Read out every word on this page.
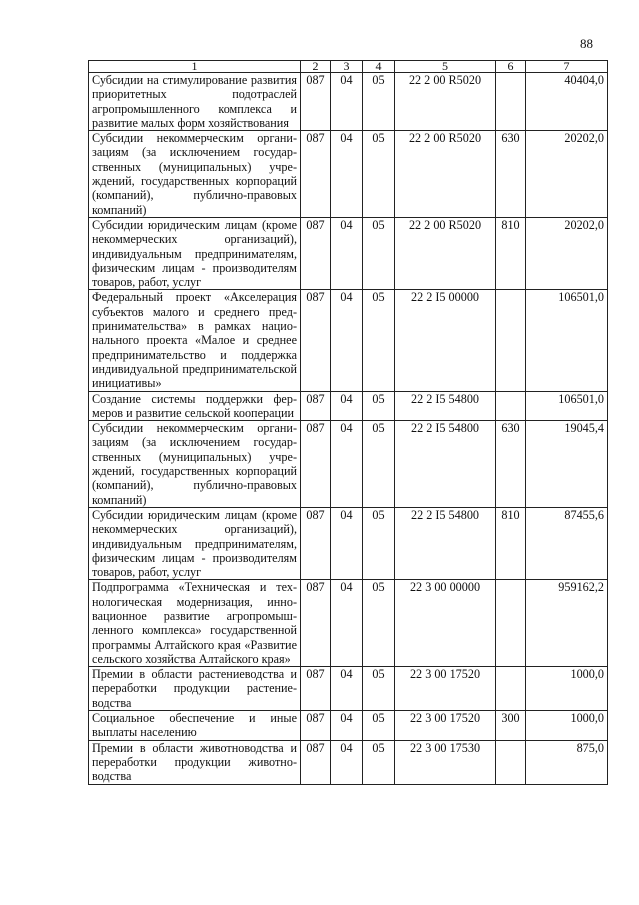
88
1	2	3	4	5	6	7
Субсидии на стимулирование развития приоритетных подотраслей агропромышленного комплекса и развитие малых форм хозяйствования	087	04	05	22 2 00 R5020		40404,0
Субсидии некоммерческим организациям (за исключением государственных (муниципальных) учреждений, государственных корпораций (компаний), публично-правовых компаний)	087	04	05	22 2 00 R5020	630	20202,0
Субсидии юридическим лицам (кроме некоммерческих организаций), индивидуальным предпринимателям, физическим лицам - производителям товаров, работ, услуг	087	04	05	22 2 00 R5020	810	20202,0
Федеральный проект «Акселерация субъектов малого и среднего предпринимательства» в рамках национального проекта «Малое и среднее предпринимательство и поддержка индивидуальной предпринимательской инициативы»	087	04	05	22 2 I5 00000		106501,0
Создание системы поддержки фермеров и развитие сельской кооперации	087	04	05	22 2 I5 54800		106501,0
Субсидии некоммерческим организациям (за исключением государственных (муниципальных) учреждений, государственных корпораций (компаний), публично-правовых компаний)	087	04	05	22 2 I5 54800	630	19045,4
Субсидии юридическим лицам (кроме некоммерческих организаций), индивидуальным предпринимателям, физическим лицам - производителям товаров, работ, услуг	087	04	05	22 2 I5 54800	810	87455,6
Подпрограмма «Техническая и технологическая модернизация, инновационное развитие агропромышленного комплекса» государственной программы Алтайского края «Развитие сельского хозяйства Алтайского края»	087	04	05	22 3 00 00000		959162,2
Премии в области растениеводства и переработки продукции растениеводства	087	04	05	22 3 00 17520		1000,0
Социальное обеспечение и иные выплаты населению	087	04	05	22 3 00 17520	300	1000,0
Премии в области животноводства и переработки продукции животноводства	087	04	05	22 3 00 17530		875,0
